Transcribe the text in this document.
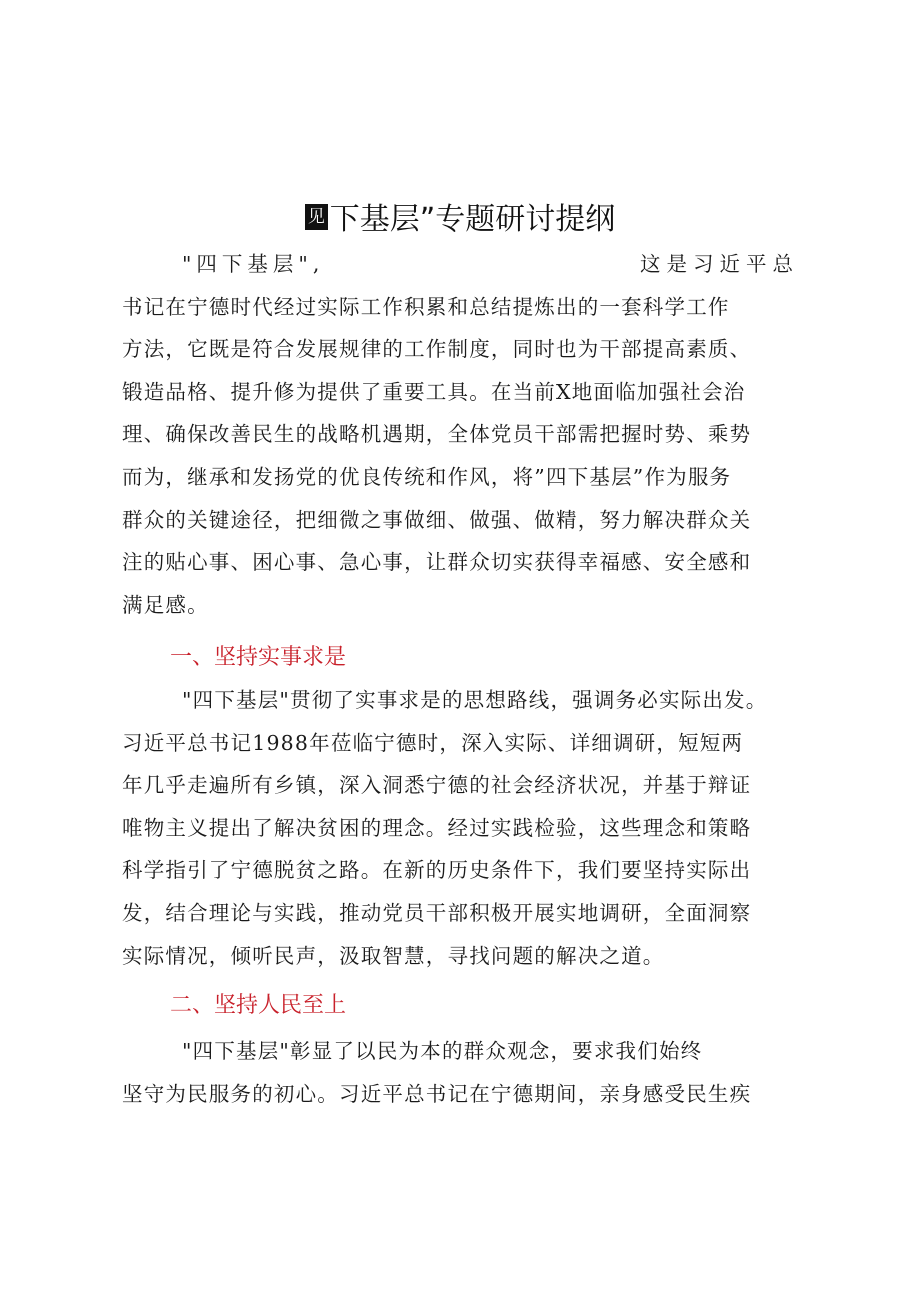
见 下基层”专题研讨提纲
"四下基层",	这是习近平总
书记在宁德时代经过实际工作积累和总结提炼出的一套科学工作
方法，它既是符合发展规律的工作制度，同时也为干部提高素质、
锻造品格、提升修为提供了重要工具。在当前X地面临加强社会治
理、确保改善民生的战略机遇期，全体党员干部需把握时势、乘势
而为，继承和发扬党的优良传统和作风，将”四下基层”作为服务
群众的关键途径，把细微之事做细、做强、做精，努力解决群众关
注的贴心事、困心事、急心事，让群众切实获得幸福感、安全感和
满足感。
一、坚持实事求是
"四下基层"贯彻了实事求是的思想路线，强调务必实际出发。
习近平总书记1988年莅临宁德时，深入实际、详细调研，短短两
年几乎走遍所有乡镇，深入洞悉宁德的社会经济状况，并基于辩证
唯物主义提出了解决贫困的理念。经过实践检验，这些理念和策略
科学指引了宁德脱贫之路。在新的历史条件下，我们要坚持实际出
发，结合理论与实践，推动党员干部积极开展实地调研，全面洞察
实际情况，倾听民声，汲取智慧，寻找问题的解决之道。
二、坚持人民至上
"四下基层"彰显了以民为本的群众观念，要求我们始终
坚守为民服务的初心。习近平总书记在宁德期间，亲身感受民生疾
